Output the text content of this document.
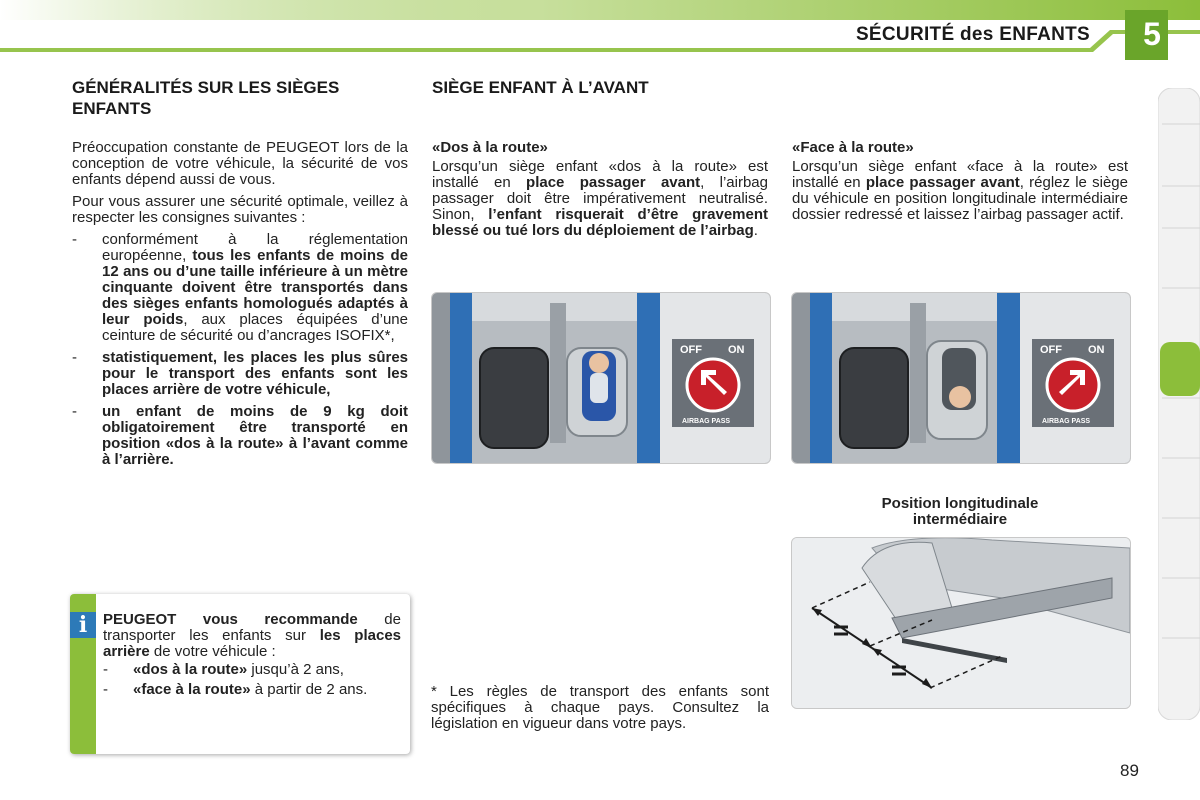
SÉCURITÉ des ENFANTS	5
GÉNÉRALITÉS SUR LES SIÈGES ENFANTS

Préoccupation constante de PEUGEOT lors de la conception de votre véhicule, la sécurité de vos enfants dépend aussi de vous.

Pour vous assurer une sécurité optimale, veillez à respecter les consignes suivantes :

- conformément à la réglementation européenne, tous les enfants de moins de 12 ans ou d’une taille inférieure à un mètre cinquante doivent être transportés dans des sièges enfants homologués adaptés à leur poids, aux places équipées d’une ceinture de sécurité ou d’ancrages ISOFIX*,
- statistiquement, les places les plus sûres pour le transport des enfants sont les places arrière de votre véhicule,
- un enfant de moins de 9 kg doit obligatoirement être transporté en position «dos à la route» à l’avant comme à l’arrière.
i	PEUGEOT vous recommande de transporter les enfants sur les places arrière de votre véhicule :
- «dos à la route» jusqu’à 2 ans,
- «face à la route» à partir de 2 ans.
SIÈGE ENFANT À L’AVANT
«Dos à la route»
Lorsqu’un siège enfant «dos à la route» est installé en place passager avant, l’airbag passager doit être impérativement neutralisé. Sinon, l’enfant risquerait d’être gravement blessé ou tué lors du déploiement de l’airbag.
OFF ON
AIRBAG PASS
* Les règles de transport des enfants sont spécifiques à chaque pays. Consultez la législation en vigueur dans votre pays.
«Face à la route»
Lorsqu’un siège enfant «face à la route» est installé en place passager avant, réglez le siège du véhicule en position longitudinale intermédiaire dossier redressé et laissez l’airbag passager actif.
OFF ON
AIRBAG PASS
Position longitudinale intermédiaire
89
